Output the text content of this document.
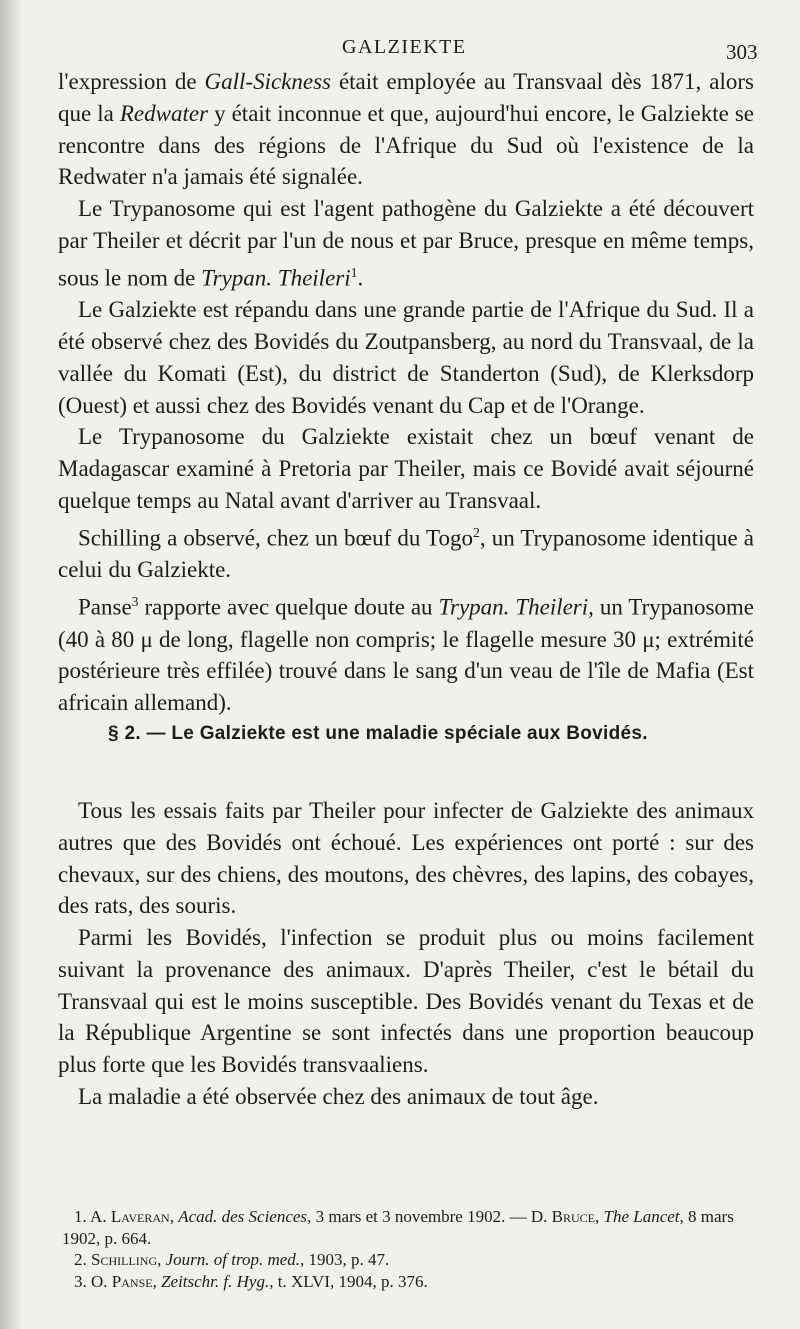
GALZIEKTE	303

l'expression de Gall-Sickness était employée au Transvaal dès 1871, alors que la Redwater y était inconnue et que, aujourd'hui encore, le Galziekte se rencontre dans des régions de l'Afrique du Sud où l'existence de la Redwater n'a jamais été signalée.

Le Trypanosome qui est l'agent pathogène du Galziekte a été découvert par Theiler et décrit par l'un de nous et par Bruce, presque en même temps, sous le nom de Trypan. Theileri$^1$.

Le Galziekte est répandu dans une grande partie de l'Afrique du Sud. Il a été observé chez des Bovidés du Zoutpansberg, au nord du Transvaal, de la vallée du Komati (Est), du district de Standerton (Sud), de Klerksdorp (Ouest) et aussi chez des Bovidés venant du Cap et de l'Orange.

Le Trypanosome du Galziekte existait chez un bœuf venant de Madagascar examiné à Pretoria par Theiler, mais ce Bovidé avait séjourné quelque temps au Natal avant d'arriver au Transvaal.

Schilling a observé, chez un bœuf du Togo$^2$, un Trypanosome identique à celui du Galziekte.

Panse$^3$ rapporte avec quelque doute au Trypan. Theileri, un Trypanosome (40 à 80 μ de long, flagelle non compris; le flagelle mesure 30 μ; extrémité postérieure très effilée) trouvé dans le sang d'un veau de l'île de Mafia (Est africain allemand).

§ 2. — Le Galziekte est une maladie spéciale aux Bovidés.

Tous les essais faits par Theiler pour infecter de Galziekte des animaux autres que des Bovidés ont échoué. Les expériences ont porté : sur des chevaux, sur des chiens, des moutons, des chèvres, des lapins, des cobayes, des rats, des souris.

Parmi les Bovidés, l'infection se produit plus ou moins facilement suivant la provenance des animaux. D'après Theiler, c'est le bétail du Transvaal qui est le moins susceptible. Des Bovidés venant du Texas et de la République Argentine se sont infectés dans une proportion beaucoup plus forte que les Bovidés transvaaliens.

La maladie a été observée chez des animaux de tout âge.

1. A. Laveran, Acad. des Sciences, 3 mars et 3 novembre 1902. — D. Bruce, The Lancet, 8 mars 1902, p. 664.

2. Schilling, Journ. of trop. med., 1903, p. 47.

3. O. Panse, Zeitschr. f. Hyg., t. XLVI, 1904, p. 376.
